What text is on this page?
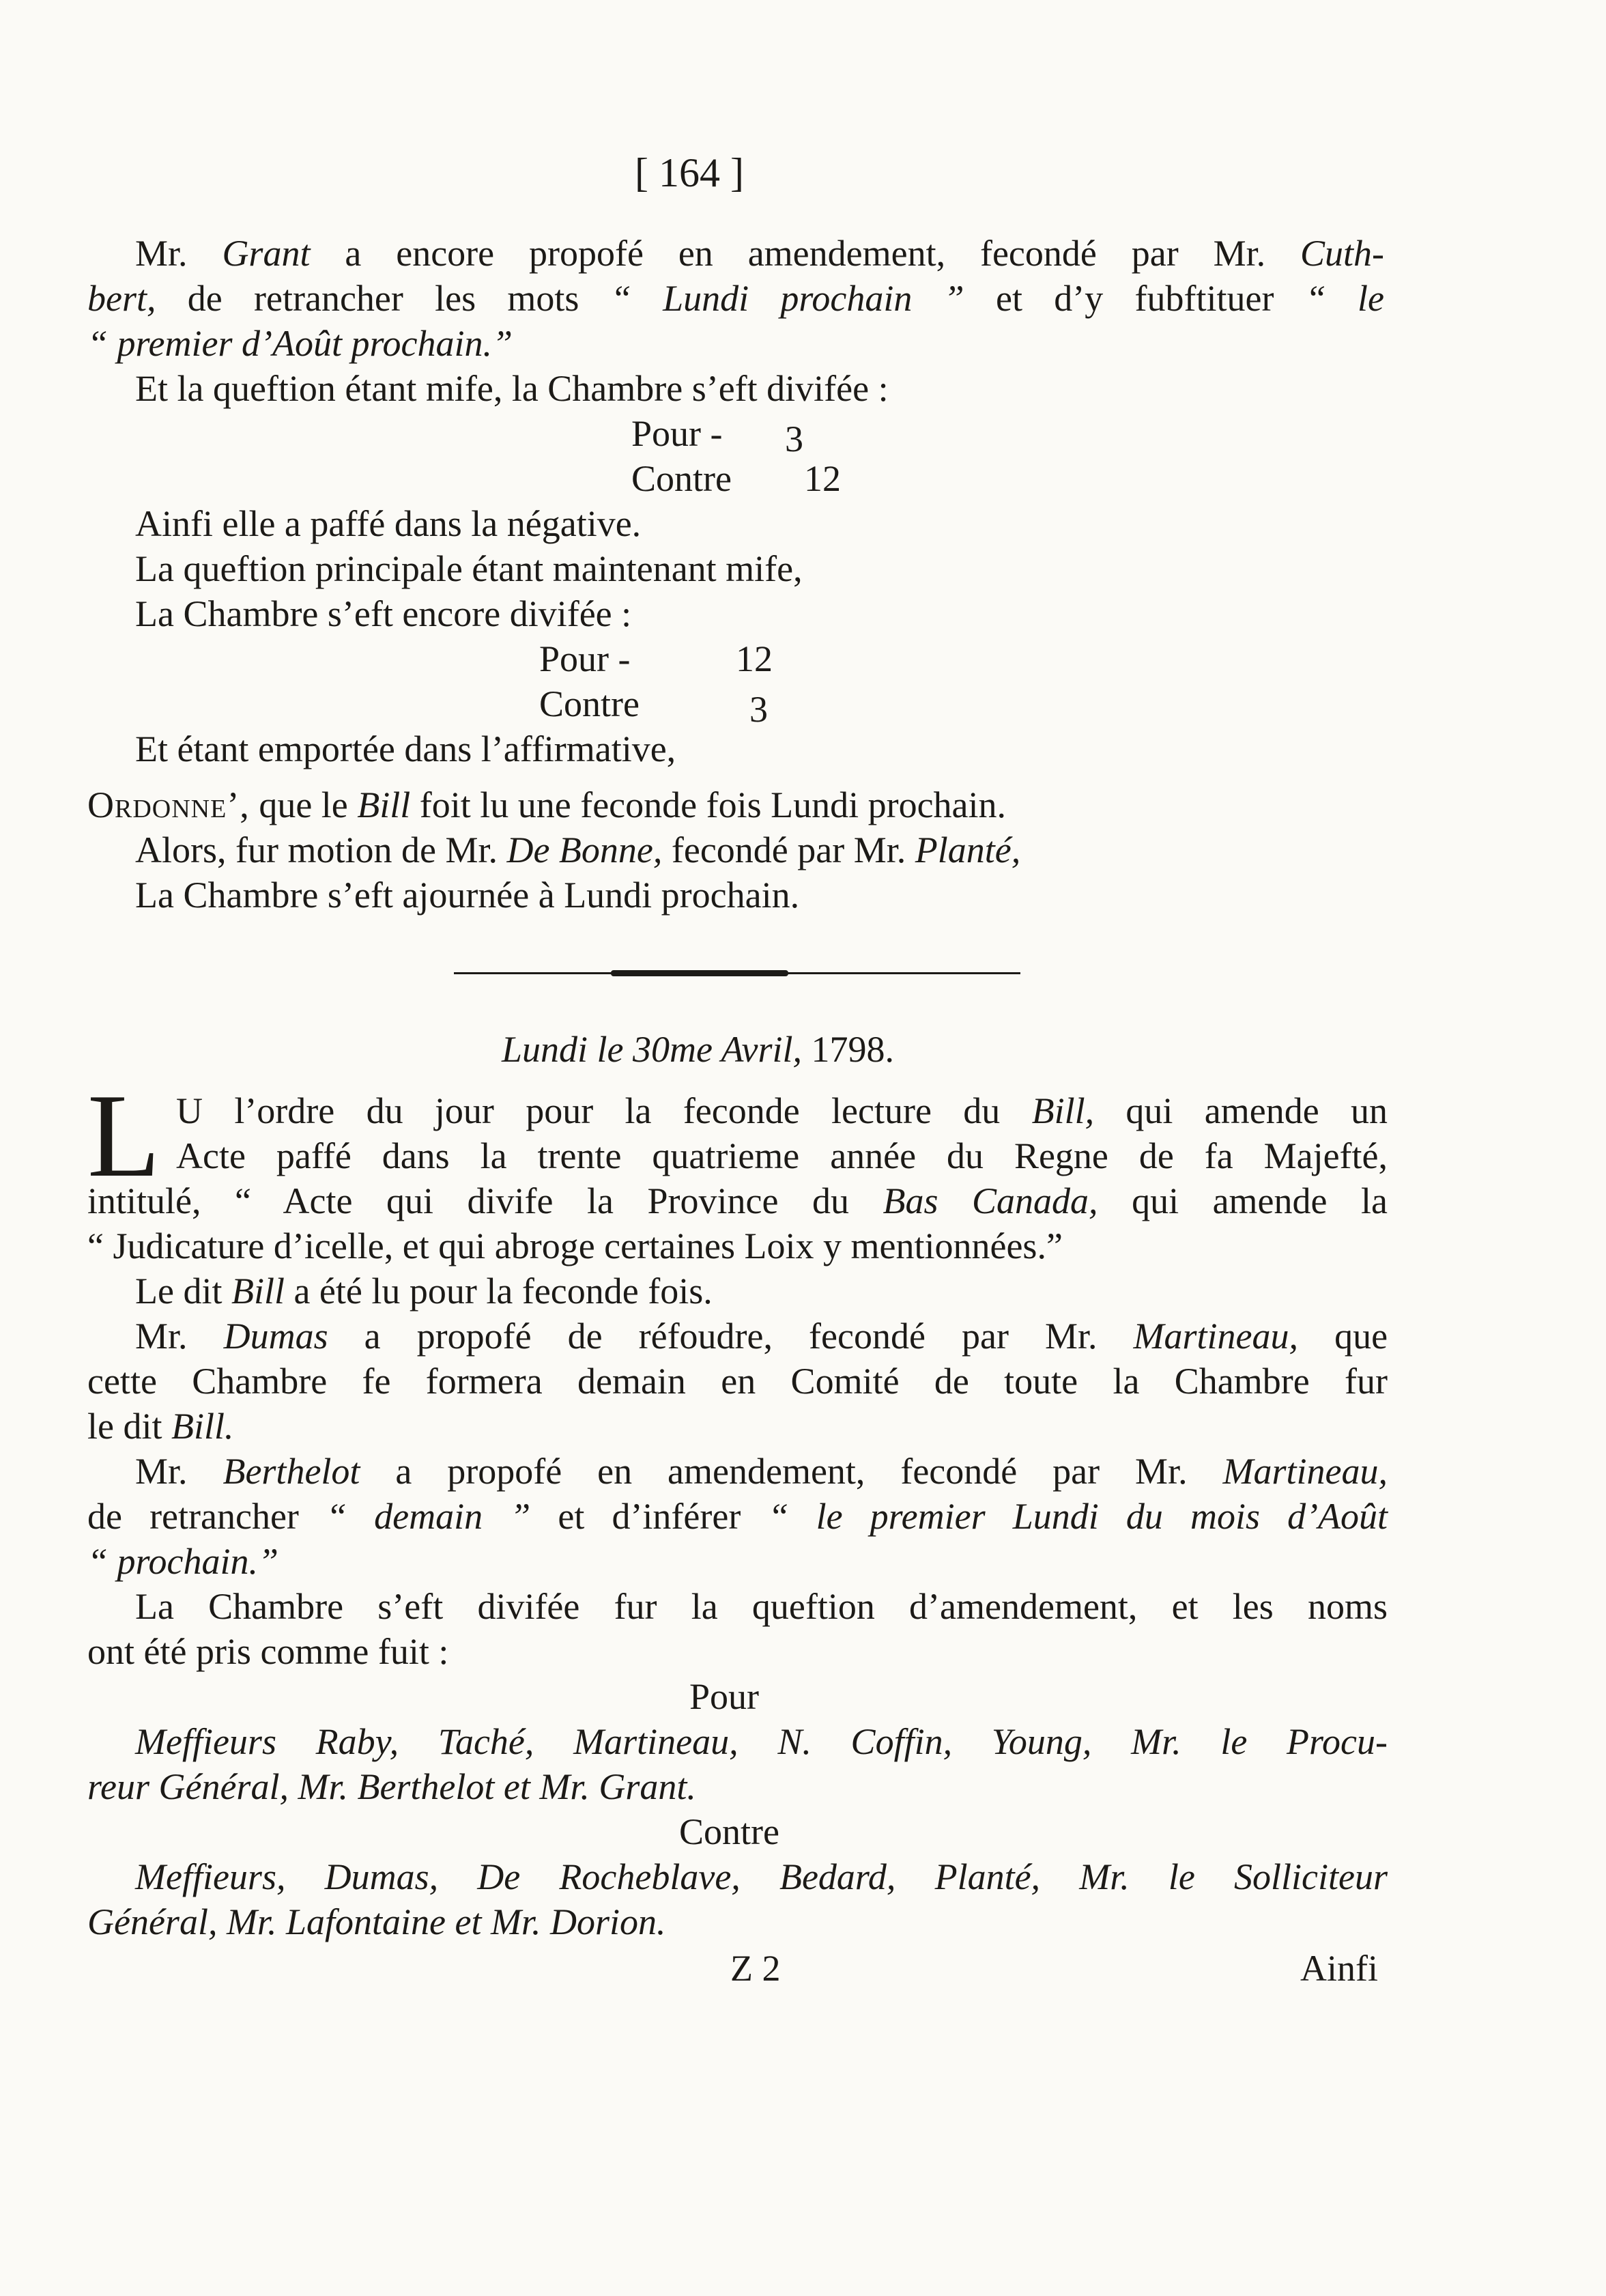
[ 164 ]
Mr. Grant a encore propofé en amendement, fecondé par Mr. Cuth-
bert, de retrancher les mots “ Lundi prochain ” et d’y fubftituer “ le
“ premier d’Août prochain.”
Et la queftion étant mife, la Chambre s’eft divifée :
Pour - 3
Contre 12
Ainfi elle a paffé dans la négative.
La queftion principale étant maintenant mife,
La Chambre s’eft encore divifée :
Pour -	12
Contre	3
Et étant emportée dans l’affirmative,
Ordonne’, que le Bill foit lu une feconde fois Lundi prochain.
Alors, fur motion de Mr. De Bonne, fecondé par Mr. Planté,
La Chambre s’eft ajournée à Lundi prochain.
Lundi le 30me Avril, 1798.
L U l’ordre du jour pour la feconde lecture du Bill, qui amende un
Acte paffé dans la trente quatrieme année du Regne de fa Majefté,
intitulé, “ Acte qui divife la Province du Bas Canada, qui amende la
“ Judicature d’icelle, et qui abroge certaines Loix y mentionnées.”
Le dit Bill a été lu pour la feconde fois.
Mr. Dumas a propofé de réfoudre, fecondé par Mr. Martineau, que
cette Chambre fe formera demain en Comité de toute la Chambre fur
le dit Bill.
Mr. Berthelot a propofé en amendement, fecondé par Mr. Martineau,
de retrancher “ demain ” et d’inférer “ le premier Lundi du mois d’Août
“ prochain.”
La Chambre s’eft divifée fur la queftion d’amendement, et les noms
ont été pris comme fuit :
Pour
Meffieurs Raby, Taché, Martineau, N. Coffin, Young, Mr. le Procu-
reur Général, Mr. Berthelot et Mr. Grant.
Contre
Meffieurs, Dumas, De Rocheblave, Bedard, Planté, Mr. le Solliciteur
Général, Mr. Lafontaine et Mr. Dorion.
Z 2	Ainfi
